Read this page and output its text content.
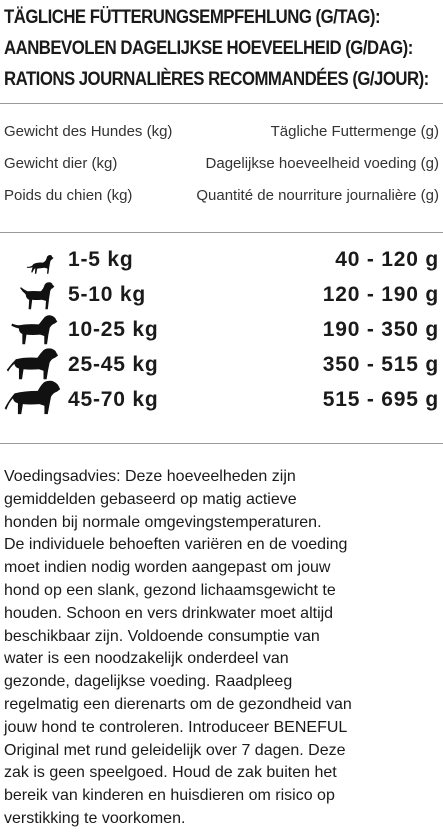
TÄGLICHE FÜTTERUNGSEMPFEHLUNG (G/TAG):
AANBEVOLEN DAGELIJKSE HOEVEELHEID (G/DAG):
RATIONS JOURNALIÈRES RECOMMANDÉES (G/JOUR):
Gewicht des Hundes (kg)	Tägliche Futtermenge (g)
Gewicht dier (kg)	Dagelijkse hoeveelheid voeding (g)
Poids du chien (kg)	Quantité de nourriture journalière (g)
1-5 kg	40 - 120 g
5-10 kg	120 - 190 g
10-25 kg	190 - 350 g
25-45 kg	350 - 515 g
45-70 kg	515 - 695 g
Voedingsadvies: Deze hoeveelheden zijn
gemiddelden gebaseerd op matig actieve
honden bij normale omgevingstemperaturen.
De individuele behoeften variëren en de voeding
moet indien nodig worden aangepast om jouw
hond op een slank, gezond lichaamsgewicht te
houden. Schoon en vers drinkwater moet altijd
beschikbaar zijn. Voldoende consumptie van
water is een noodzakelijk onderdeel van
gezonde, dagelijkse voeding. Raadpleeg
regelmatig een dierenarts om de gezondheid van
jouw hond te controleren. Introduceer BENEFUL
Original met rund geleidelijk over 7 dagen. Deze
zak is geen speelgoed. Houd de zak buiten het
bereik van kinderen en huisdieren om risico op
verstikking te voorkomen.
